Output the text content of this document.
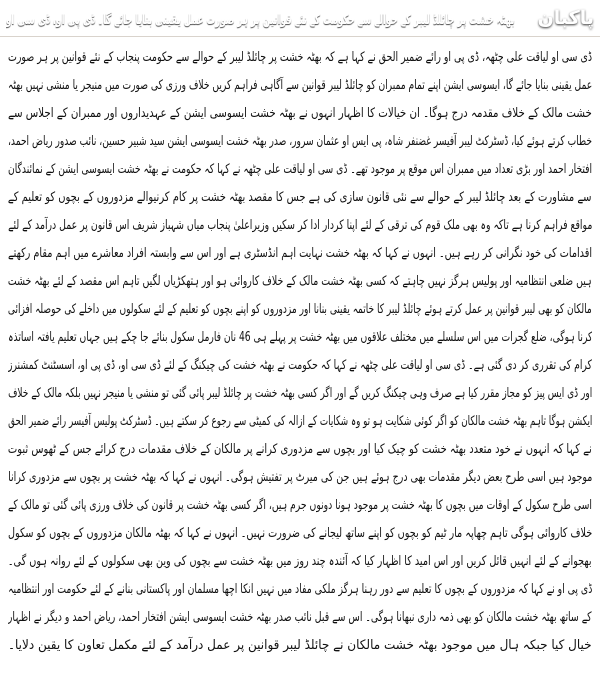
پاکبان
‹
بھٹہ خشت پر چائلڈ لیبر کے حوالے سے حکومت کے نئے قوانین پر ہر صورت عمل یقینی بنایا جائے گا۔ ڈی پی او، ڈی سی او
ڈی سی او لیاقت علی چٹھہ، ڈی پی او رائے ضمیر الحق نے کہا ہے کہ بھٹہ خشت پر چائلڈ لیبر کے حوالے سے حکومت پنجاب کے نئے قوانین پر ہر صورت
عمل یقینی بنایا جائے گا، ایسوسی ایشن اپنے تمام ممبران کو چائلڈ لیبر قوانین سے آگاہی فراہم کریں خلاف ورزی کی صورت میں منیجر یا منشی نہیں بھٹہ
خشت مالک کے خلاف مقدمہ درج ہوگا۔ ان خیالات کا اظہار انہوں نے بھٹہ خشت ایسوسی ایشن کے عہدیداروں اور ممبران کے اجلاس سے
خطاب کرتے ہوئے کیا، ڈسٹرکٹ لیبر آفیسر غضنفر شاہ، پی ایس او عثمان سرور، صدر بھٹہ خشت ایسوسی ایشن سید شبیر حسین، نائب صدور ریاض احمد،
افتخار احمد اور بڑی تعداد میں ممبران اس موقع پر موجود تھے۔ ڈی سی او لیاقت علی چٹھہ نے کہا کہ حکومت نے بھٹہ خشت ایسوسی ایشن کے نمائندگان
سے مشاورت کے بعد چائلڈ لیبر کے حوالے سے نئی قانون سازی کی ہے جس کا مقصد بھٹہ خشت پر کام کرنیوالے مزدوروں کے بچوں کو تعلیم کے
مواقع فراہم کرنا ہے تاکہ وہ بھی ملک قوم کی ترقی کے لئے اپنا کردار ادا کر سکیں وزیراعلیٰ پنجاب میاں شہباز شریف اس قانون پر عمل درآمد کے لئے
اقدامات کی خود نگرانی کر رہے ہیں۔ انہوں نے کہا کہ بھٹہ خشت نہایت اہم انڈسٹری ہے اور اس سے وابستہ افراد معاشرے میں اہم مقام رکھتے
ہیں ضلعی انتظامیہ اور پولیس ہرگز نہیں چاہتے کہ کسی بھٹہ خشت مالک کے خلاف کاروائی ہو اور ہتھکڑیاں لگیں تاہم اس مقصد کے لئے بھٹہ خشت
مالکان کو بھی لیبر قوانین پر عمل کرتے ہوئے چائلڈ لیبر کا خاتمہ یقینی بنانا اور مزدوروں کو اپنے بچوں کو تعلیم کے لئے سکولوں میں داخلے کی حوصلہ افزائی
کرنا ہوگی، ضلع گجرات میں اس سلسلے میں مختلف علاقوں میں بھٹہ خشت پر پہلے ہی 46 نان فارمل سکول بنائے جا چکے ہیں جہاں تعلیم یافتہ اساتذہ
کرام کی تقرری کر دی گئی ہے۔ ڈی سی او لیاقت علی چٹھہ نے کہا کہ حکومت نے بھٹہ خشت کی چیکنگ کے لئے ڈی سی او، ڈی پی او، اسسٹنٹ کمشنرز
اور ڈی ایس پیز کو مجاز مقرر کیا ہے صرف وہی چیکنگ کریں گے اور اگر کسی بھٹہ خشت پر چائلڈ لیبر پائی گئی تو منشی یا منیجر نہیں بلکہ مالک کے خلاف
ایکشن ہوگا تاہم بھٹہ خشت مالکان کو اگر کوئی شکایت ہو تو وہ شکایات کے ازالہ کی کمیٹی سے رجوع کر سکتے ہیں۔ ڈسٹرکٹ پولیس آفیسر رائے ضمیر الحق
نے کہا کہ انہوں نے خود متعدد بھٹہ خشت کو چیک کیا اور بچوں سے مزدوری کرانے پر مالکان کے خلاف مقدمات درج کرائے جس کے ٹھوس ثبوت
موجود ہیں اسی طرح بعض دیگر مقدمات بھی درج ہوئے ہیں جن کی میرٹ پر تفتیش ہوگی۔ انہوں نے کہا کہ بھٹہ خشت پر بچوں سے مزدوری کرانا
اسی طرح سکول کے اوقات میں بچوں کا بھٹہ خشت پر موجود ہونا دونوں جرم ہیں، اگر کسی بھٹہ خشت پر قانون کی خلاف ورزی پائی گئی تو مالک کے
خلاف کاروائی ہوگی تاہم چھاپہ مار ٹیم کو بچوں کو اپنے ساتھ لیجانے کی ضرورت نہیں۔ انہوں نے کہا کہ بھٹہ مالکان مزدوروں کے بچوں کو سکول
بھجوانے کے لئے انہیں قائل کریں اور اس امید کا اظہار کیا کہ آئندہ چند روز میں بھٹہ خشت سے بچوں کی وین بھی سکولوں کے لئے روانہ ہوں گی۔
ڈی پی او نے کہا کہ مزدوروں کے بچوں کا تعلیم سے دور رہنا ہرگز ملکی مفاد میں نہیں انکا اچھا مسلمان اور پاکستانی بنانے کے لئے حکومت اور انتظامیہ
کے ساتھ بھٹہ خشت مالکان کو بھی ذمہ داری نبھانا ہوگی۔ اس سے قبل نائب صدر بھٹہ خشت ایسوسی ایشن افتخار احمد، ریاض احمد و دیگر نے اظہار
خیال کیا جبکہ ہال میں موجود بھٹہ خشت مالکان نے چائلڈ لیبر قوانین پر عمل درآمد کے لئے مکمل تعاون کا یقین دلایا۔
